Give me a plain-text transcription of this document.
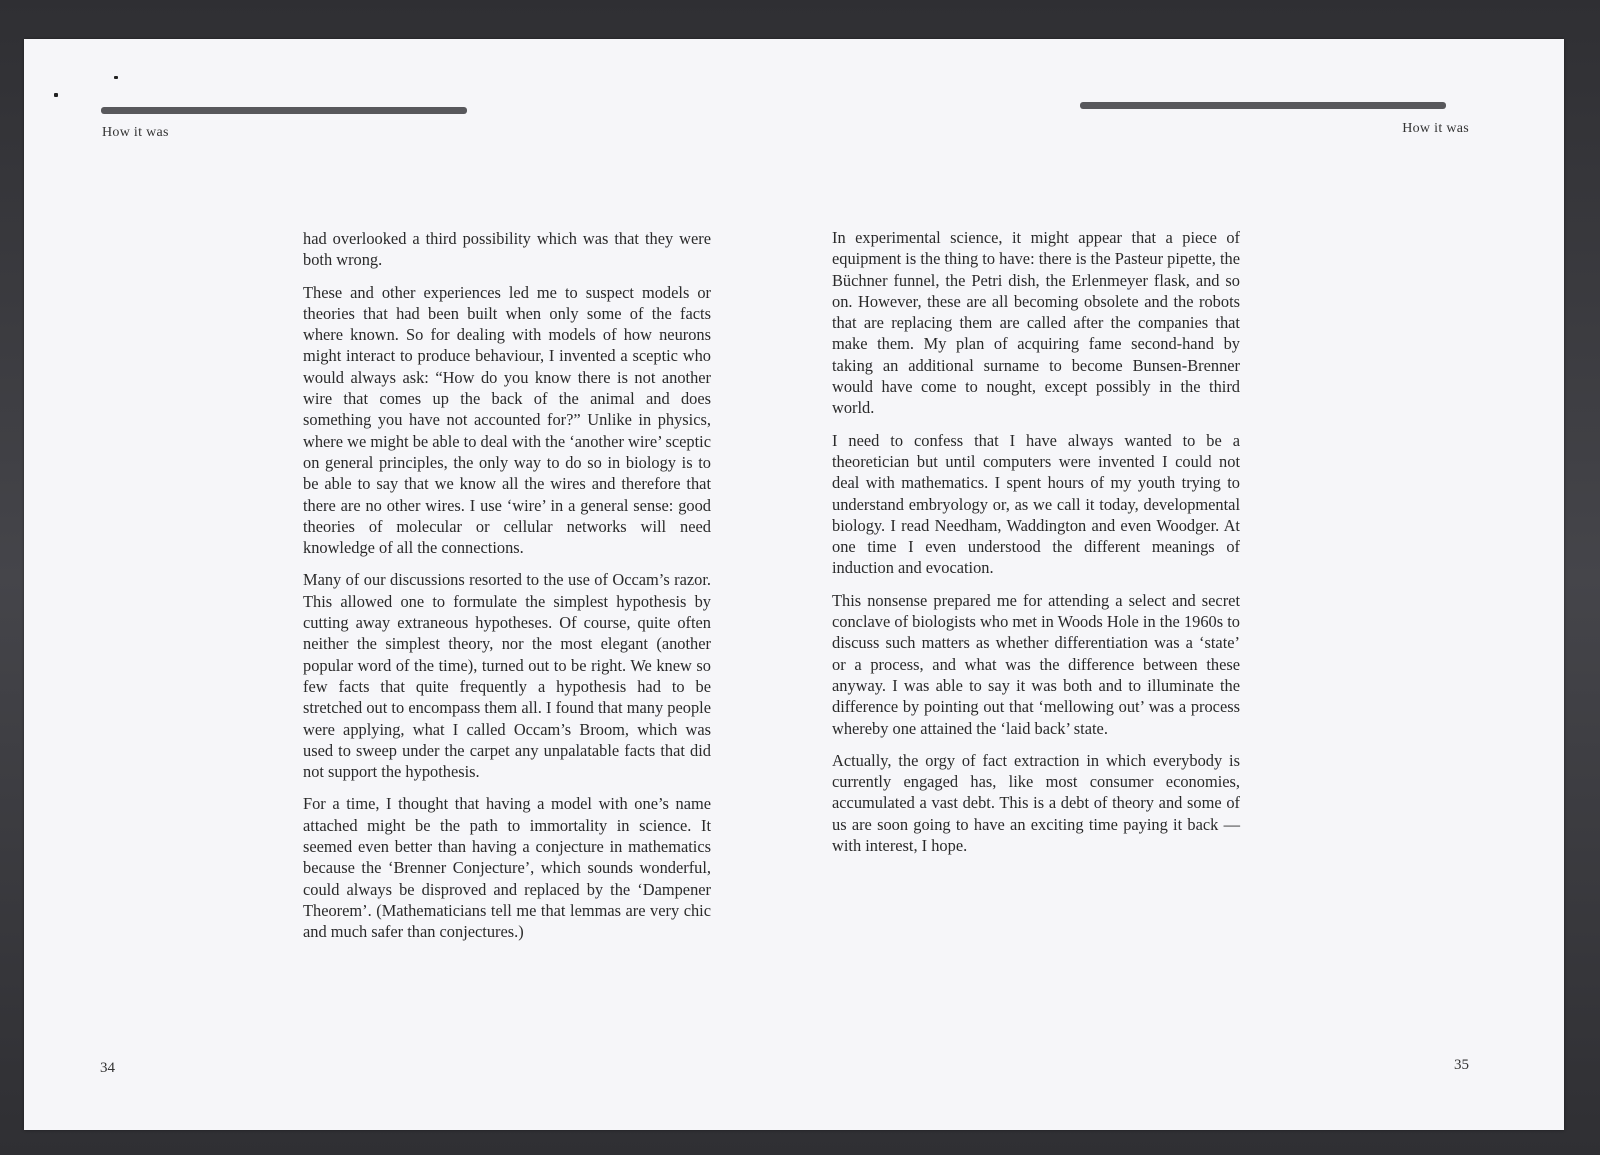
How it was	How it was

had overlooked a third possibility which was that they were both wrong.

These and other experiences led me to suspect models or theories that had been built when only some of the facts where known. So for dealing with models of how neurons might interact to produce behaviour, I invented a sceptic who would always ask: “How do you know there is not another wire that comes up the back of the animal and does something you have not accounted for?” Unlike in physics, where we might be able to deal with the ‘another wire’ sceptic on general principles, the only way to do so in biology is to be able to say that we know all the wires and therefore that there are no other wires. I use ‘wire’ in a general sense: good theories of molecular or cellular networks will need knowledge of all the connections.

Many of our discussions resorted to the use of Occam’s razor. This allowed one to formulate the simplest hypothesis by cutting away extraneous hypotheses. Of course, quite often neither the simplest theory, nor the most elegant (another popular word of the time), turned out to be right. We knew so few facts that quite frequently a hypothesis had to be stretched out to encompass them all. I found that many people were applying, what I called Occam’s Broom, which was used to sweep under the carpet any unpalatable facts that did not support the hypothesis.

For a time, I thought that having a model with one’s name attached might be the path to immortality in science. It seemed even better than having a conjecture in mathematics because the ‘Brenner Conjecture’, which sounds wonderful, could always be disproved and replaced by the ‘Dampener Theorem’. (Mathematicians tell me that lemmas are very chic and much safer than conjectures.)

In experimental science, it might appear that a piece of equipment is the thing to have: there is the Pasteur pipette, the Büchner funnel, the Petri dish, the Erlenmeyer flask, and so on. However, these are all becoming obsolete and the robots that are replacing them are called after the companies that make them. My plan of acquiring fame second-hand by taking an additional surname to become Bunsen-Brenner would have come to nought, except possibly in the third world.

I need to confess that I have always wanted to be a theoretician but until computers were invented I could not deal with mathematics. I spent hours of my youth trying to understand embryology or, as we call it today, developmental biology. I read Needham, Waddington and even Woodger. At one time I even understood the different meanings of induction and evocation.

This nonsense prepared me for attending a select and secret conclave of biologists who met in Woods Hole in the 1960s to discuss such matters as whether differentiation was a ‘state’ or a process, and what was the difference between these anyway. I was able to say it was both and to illuminate the difference by pointing out that ‘mellowing out’ was a process whereby one attained the ‘laid back’ state.

Actually, the orgy of fact extraction in which everybody is currently engaged has, like most consumer economies, accumulated a vast debt. This is a debt of theory and some of us are soon going to have an exciting time paying it back — with interest, I hope.

34	35
